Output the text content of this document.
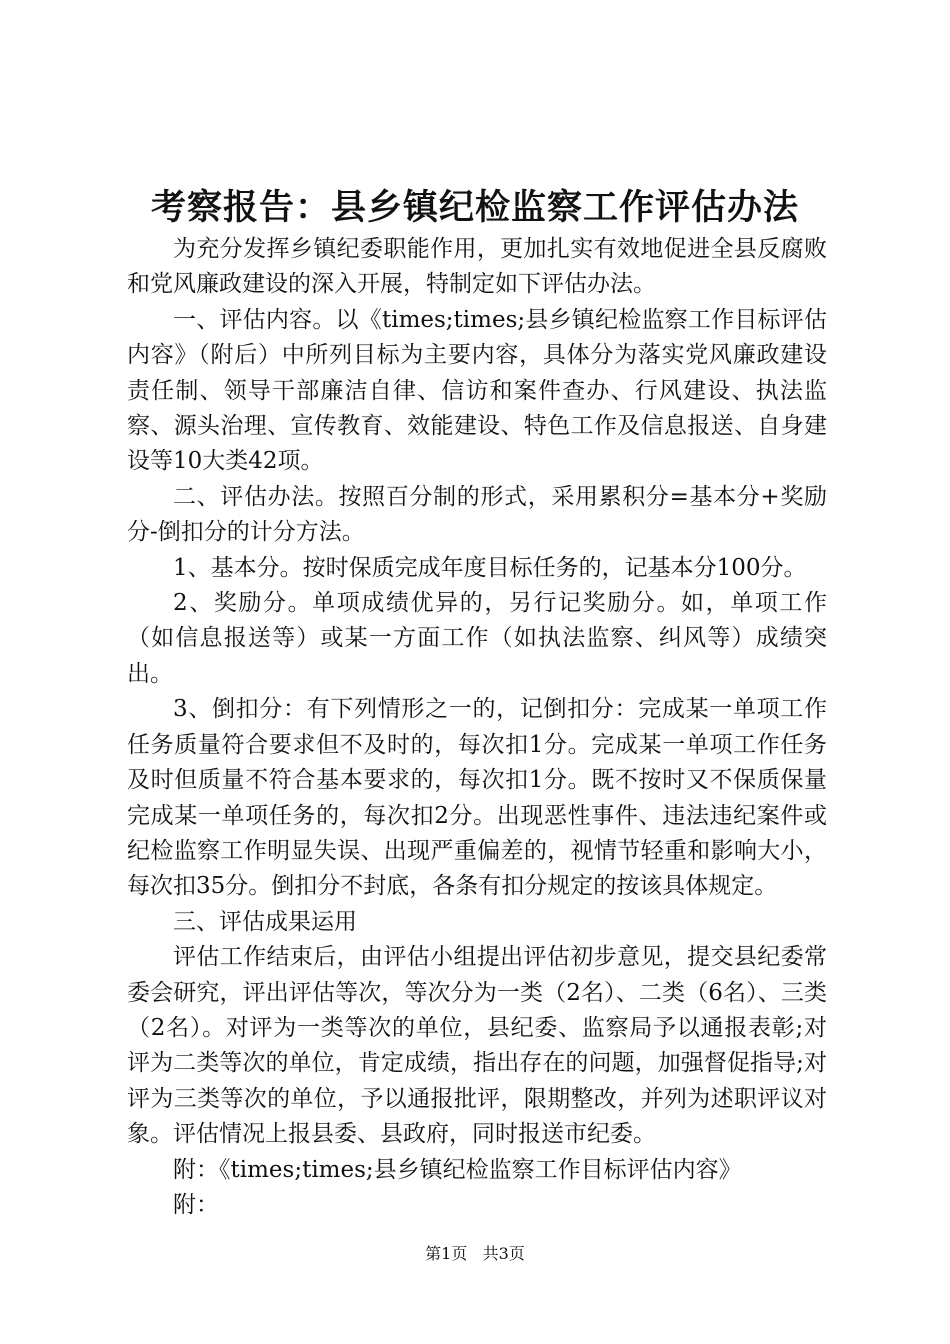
考察报告：县乡镇纪检监察工作评估办法

为充分发挥乡镇纪委职能作用，更加扎实有效地促进全县反腐败和党风廉政建设的深入开展，特制定如下评估办法。

一、评估内容。以《times;times;县乡镇纪检监察工作目标评估内容》（附后）中所列目标为主要内容，具体分为落实党风廉政建设责任制、领导干部廉洁自律、信访和案件查办、行风建设、执法监察、源头治理、宣传教育、效能建设、特色工作及信息报送、自身建设等10大类42项。

二、评估办法。按照百分制的形式，采用累积分=基本分+奖励分-倒扣分的计分方法。

1、基本分。按时保质完成年度目标任务的，记基本分100分。

2、奖励分。单项成绩优异的，另行记奖励分。如，单项工作（如信息报送等）或某一方面工作（如执法监察、纠风等）成绩突出。

3、倒扣分：有下列情形之一的，记倒扣分：完成某一单项工作任务质量符合要求但不及时的，每次扣1分。完成某一单项工作任务及时但质量不符合基本要求的，每次扣1分。既不按时又不保质保量完成某一单项任务的，每次扣2分。出现恶性事件、违法违纪案件或纪检监察工作明显失误、出现严重偏差的，视情节轻重和影响大小，每次扣35分。倒扣分不封底，各条有扣分规定的按该具体规定。

三、评估成果运用

评估工作结束后，由评估小组提出评估初步意见，提交县纪委常委会研究，评出评估等次，等次分为一类（2名）、二类（6名）、三类（2名）。对评为一类等次的单位，县纪委、监察局予以通报表彰;对评为二类等次的单位，肯定成绩，指出存在的问题，加强督促指导;对评为三类等次的单位，予以通报批评，限期整改，并列为述职评议对象。评估情况上报县委、县政府，同时报送市纪委。

附：《times;times;县乡镇纪检监察工作目标评估内容》

附：

第1页 共3页
